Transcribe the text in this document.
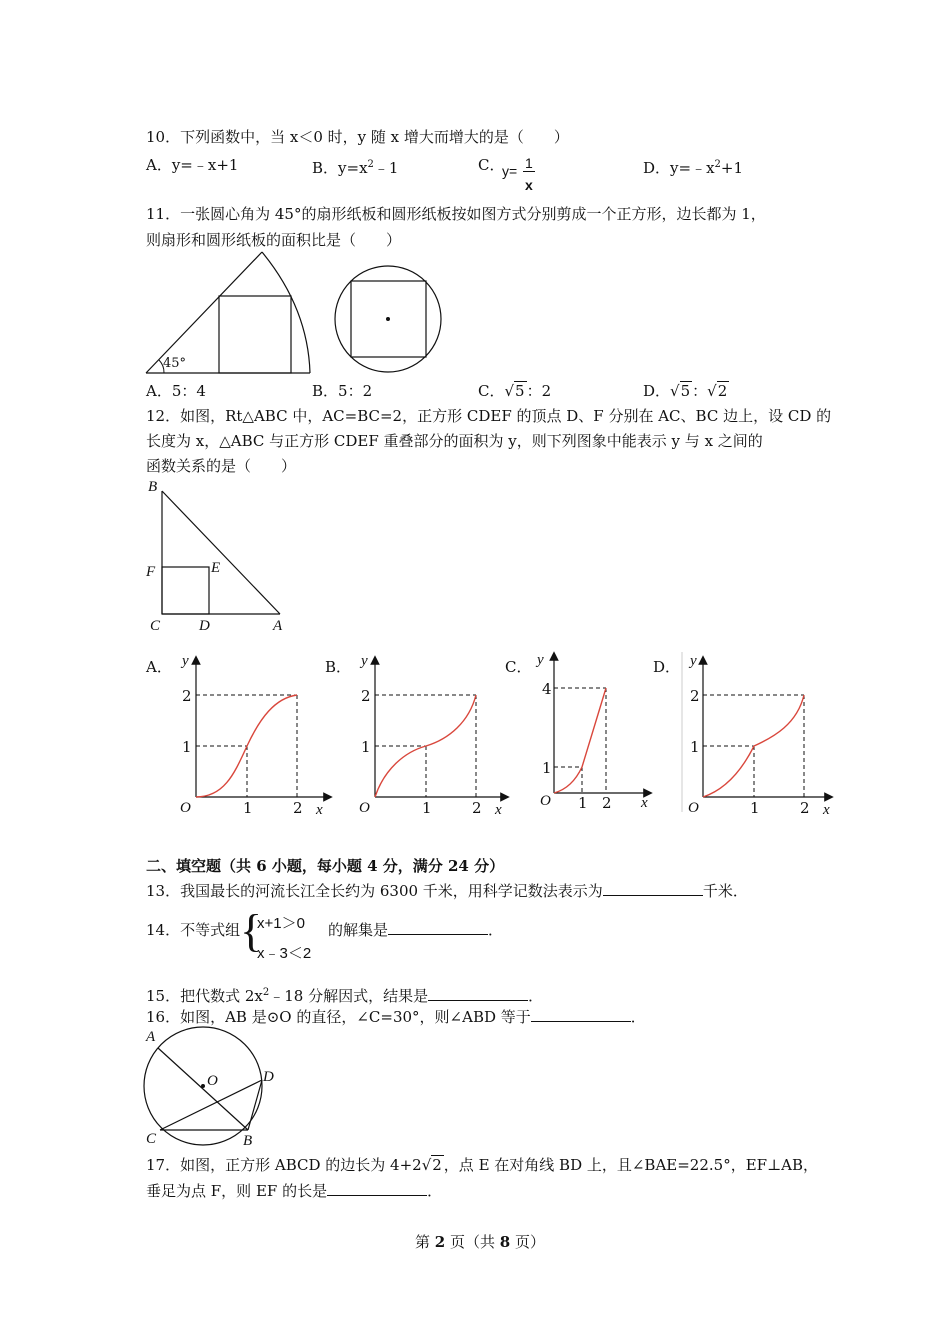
10．下列函数中，当 x＜0 时，y 随 x 增大而增大的是（　　）
A．y=﹣x+1	B．$y=x^2﹣1$	C．
y= 1
x
D．$y=﹣x^2+1$
11．一张圆心角为 45°的扇形纸板和圆形纸板按如图方式分别剪成一个正方形，边长都为 1，
则扇形和圆形纸板的面积比是（　　）
45°
A．5：4	B．5：2	C．√5 ：2	D．√5 ：√2
12．如图，Rt△ABC 中，AC=BC=2，正方形 CDEF 的顶点 D、F 分别在 AC、BC 边上，设 CD 的
长度为 x，△ABC 与正方形 CDEF 重叠部分的面积为 y，则下列图象中能表示 y 与 x 之间的
函数关系的是（　　）
B
F	E
C	D	A
A．	B．	C．	D．
y
2
1
O	1	2 x
y
2
1
O	1	2 x
y
4
1
O 1 2 x
y
2
1
O	1	2 x
二、填空题（共 6 小题，每小题 4 分，满分 24 分）
13．我国最长的河流长江全长约为 6300 千米，用科学记数法表示为	千米．
14．不等式组 {
x+1＞0
x﹣3＜2
的解集是	．
15．把代数式 $2x^2﹣18$ 分解因式，结果是	．
16．如图，AB 是⊙O 的直径，∠C=30°，则∠ABD 等于	．
A
O	D
C	B
17．如图，正方形 ABCD 的边长为 4+2√2 ，点 E 在对角线 BD 上，且∠BAE=22.5°，EF⊥AB，
垂足为点 F，则 EF 的长是	．
第 2 页（共 8 页）
